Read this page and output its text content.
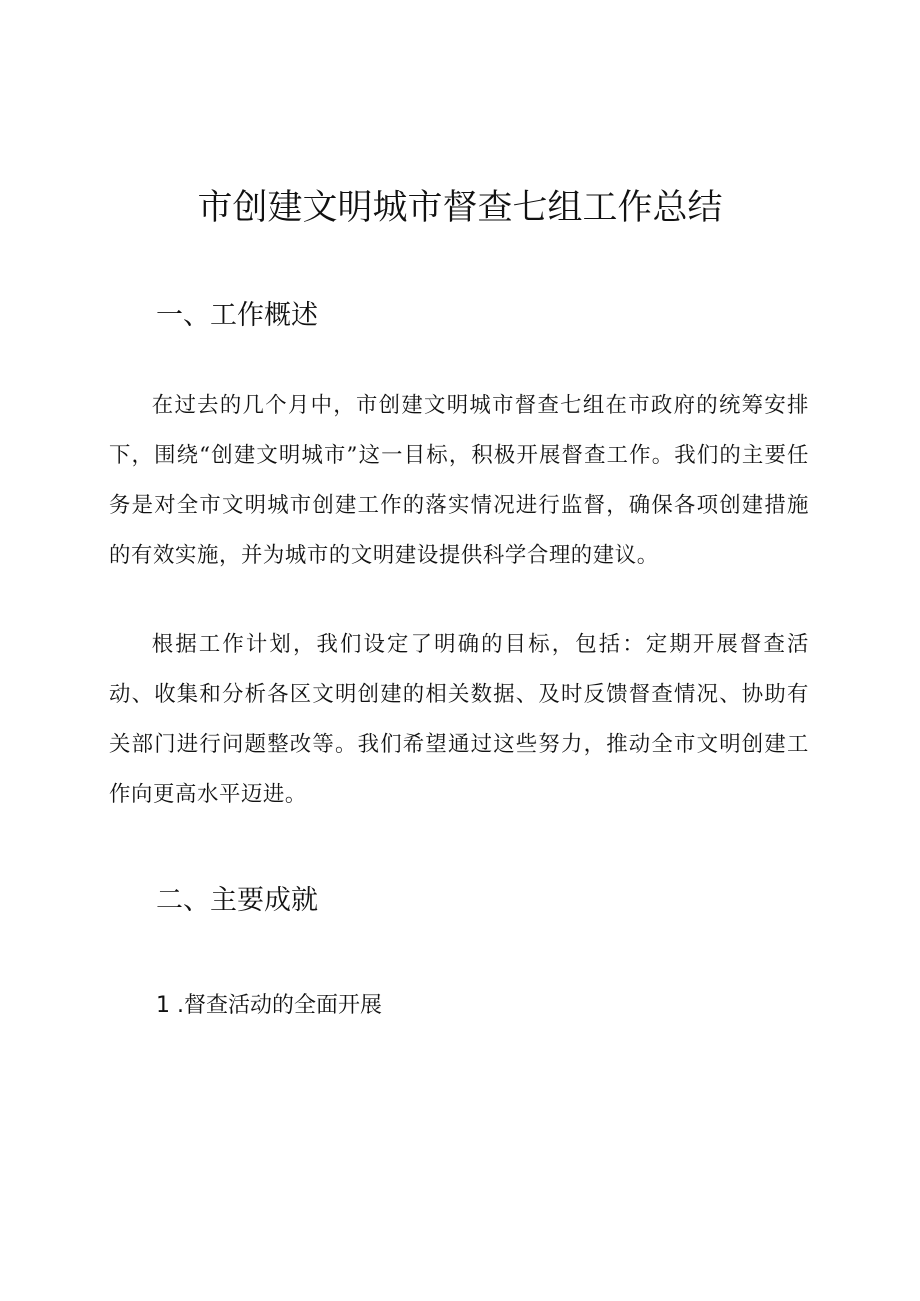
市创建文明城市督查七组工作总结
一、工作概述

在过去的几个月中，市创建文明城市督查七组在市政府的统筹安排下，围绕“创建文明城市”这一目标，积极开展督查工作。我们的主要任务是对全市文明城市创建工作的落实情况进行监督，确保各项创建措施的有效实施，并为城市的文明建设提供科学合理的建议。

根据工作计划，我们设定了明确的目标，包括：定期开展督查活动、收集和分析各区文明创建的相关数据、及时反馈督查情况、协助有关部门进行问题整改等。我们希望通过这些努力，推动全市文明创建工作向更高水平迈进。

二、主要成就
1 .督查活动的全面开展
